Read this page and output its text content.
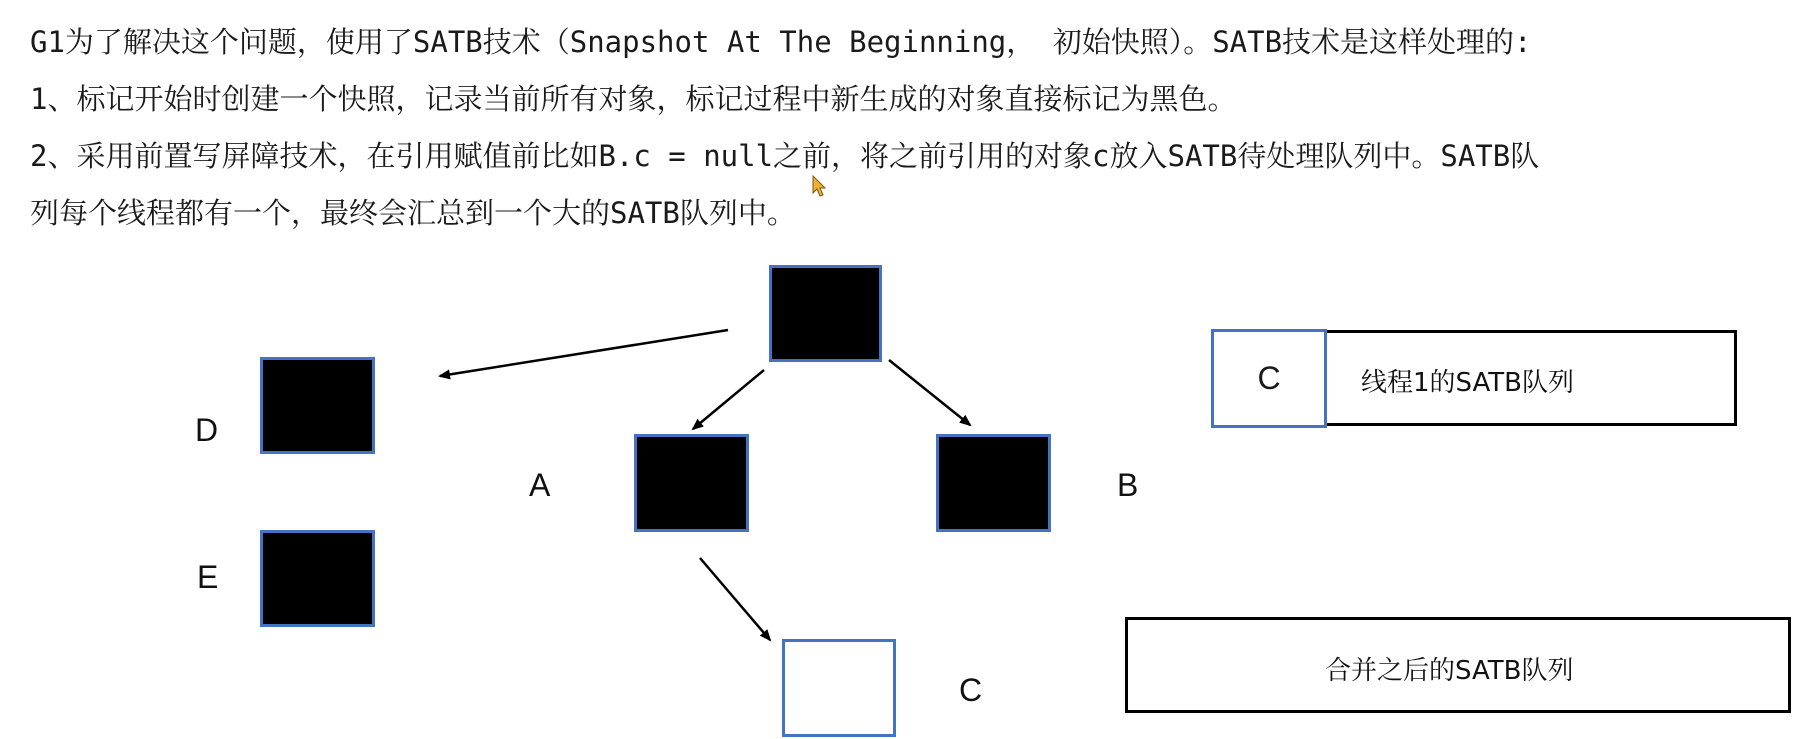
G1为了解决这个问题，使用了SATB技术（Snapshot At The Beginning， 初始快照）。SATB技术是这样处理的:

1、标记开始时创建一个快照，记录当前所有对象，标记过程中新生成的对象直接标记为黑色。

2、采用前置写屏障技术，在引用赋值前比如B.c = null之前，将之前引用的对象c放入SATB待处理队列中。SATB队

列每个线程都有一个，最终会汇总到一个大的SATB队列中。

D
E
A	B
C
C	线程1的SATB队列
合并之后的SATB队列
